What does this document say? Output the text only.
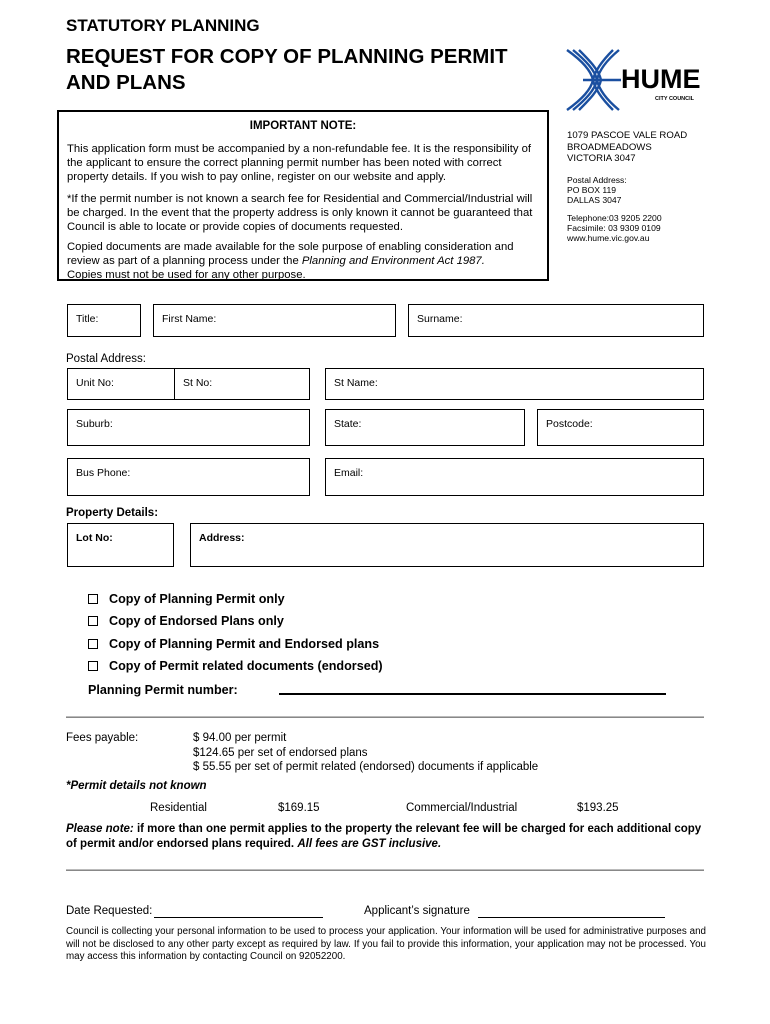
STATUTORY PLANNING
REQUEST FOR COPY OF PLANNING PERMIT
AND PLANS	HUME
CITY COUNCIL
IMPORTANT NOTE:
This application form must be accompanied by a non-refundable fee. It is the responsibility of the applicant to ensure the correct planning permit number has been noted with correct property details. If you wish to pay online, register on our website and apply.
*If the permit number is not known a search fee for Residential and Commercial/Industrial will be charged. In the event that the property address is only known it cannot be guaranteed that Council is able to locate or provide copies of documents requested.
Copied documents are made available for the sole purpose of enabling consideration and review as part of a planning process under the Planning and Environment Act 1987.
Copies must not be used for any other purpose.
1079 PASCOE VALE ROAD
BROADMEADOWS
VICTORIA 3047
Postal Address:
PO BOX 119
DALLAS 3047
Telephone:03 9205 2200
Facsimile: 03 9309 0109
www.hume.vic.gov.au
Title:	First Name:	Surname:
Postal Address:
Unit No:	St No:	St Name:
Suburb:	State:	Postcode:
Bus Phone:	Email:
Property Details:
Lot No:	Address:
Copy of Planning Permit only
Copy of Endorsed Plans only
Copy of Planning Permit and Endorsed plans
Copy of Permit related documents (endorsed)
Planning Permit number:
Fees payable:	$ 94.00 per permit
$124.65 per set of endorsed plans
$ 55.55 per set of permit related (endorsed) documents if applicable
*Permit details not known
Residential	$169.15	Commercial/Industrial	$193.25
Please note: if more than one permit applies to the property the relevant fee will be charged for each additional copy of permit and/or endorsed plans required. All fees are GST inclusive.
Date Requested:	Applicant’s signature
Council is collecting your personal information to be used to process your application. Your information will be used for administrative purposes and will not be disclosed to any other party except as required by law. If you fail to provide this information, your application may not be processed. You may access this information by contacting Council on 92052200.
